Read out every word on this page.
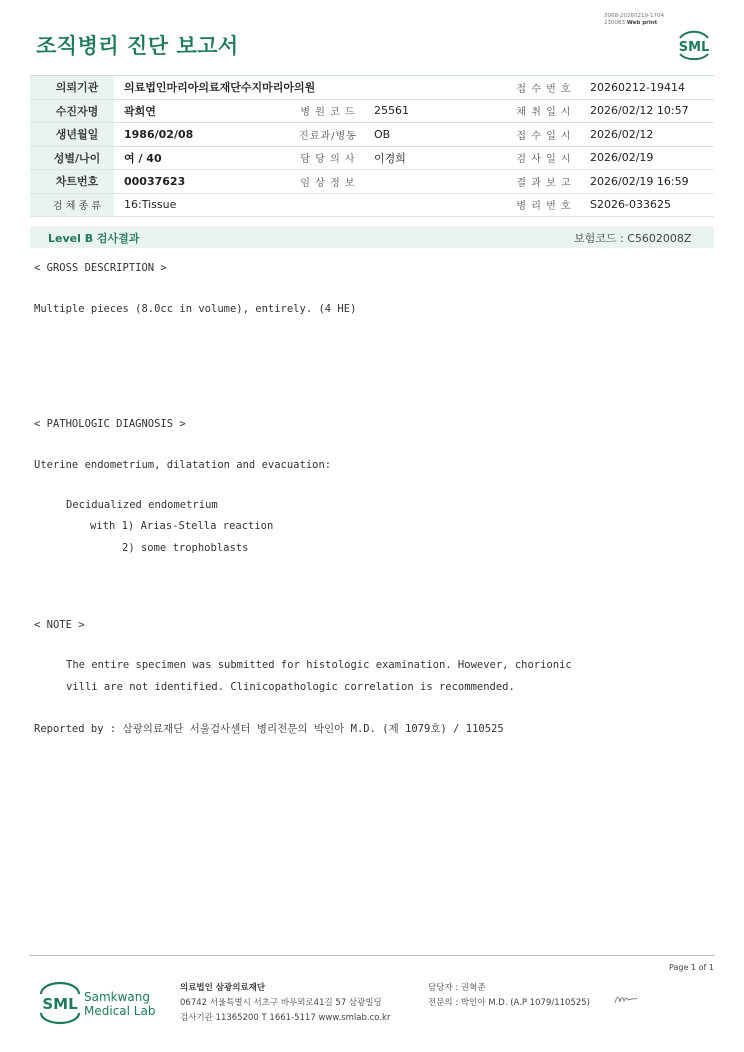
조직병리 진단 보고서
3068-20260219-1704
230083 Web print
SML
의뢰기관	의료법인마리아의료재단수지마리아의원			접 수 번 호	20260212-19414
수진자명	곽희연	병 원 코 드	25561	채 취 일 시	2026/02/12 10:57
생년월일	1986/02/08	진료과/병동	OB	접 수 일 시	2026/02/12
성별/나이	여 / 40	담 당 의 사	이경희	검 사 일 시	2026/02/19
차트번호	00037623	임 상 정 보		결 과 보 고	2026/02/19 16:59
검 체 종 류	16:Tissue			병 리 번 호	S2026-033625
Level B 검사결과	보험코드 : C5602008Z
< GROSS DESCRIPTION >
Multiple pieces (8.0cc in volume), entirely. (4 HE)
< PATHOLOGIC DIAGNOSIS >
Uterine endometrium, dilatation and evacuation:
Decidualized endometrium
with 1) Arias-Stella reaction
2) some trophoblasts
< NOTE >
The entire specimen was submitted for histologic examination. However, chorionic
villi are not identified. Clinicopathologic correlation is recommended.
Reported by : 삼광의료재단 서울검사센터 병리전문의 박인아 M.D. (제 1079호) / 110525
Page 1 of 1
SML Samkwang
Medical Lab
의료법인 삼광의료재단
06742 서울특별시 서초구 바우뫼로41길 57 삼광빌딩
검사기관 11365200 T 1661-5117 www.smlab.co.kr
담당자 : 권혁준
전문의 : 박인아 M.D. (A.P 1079/110525)
